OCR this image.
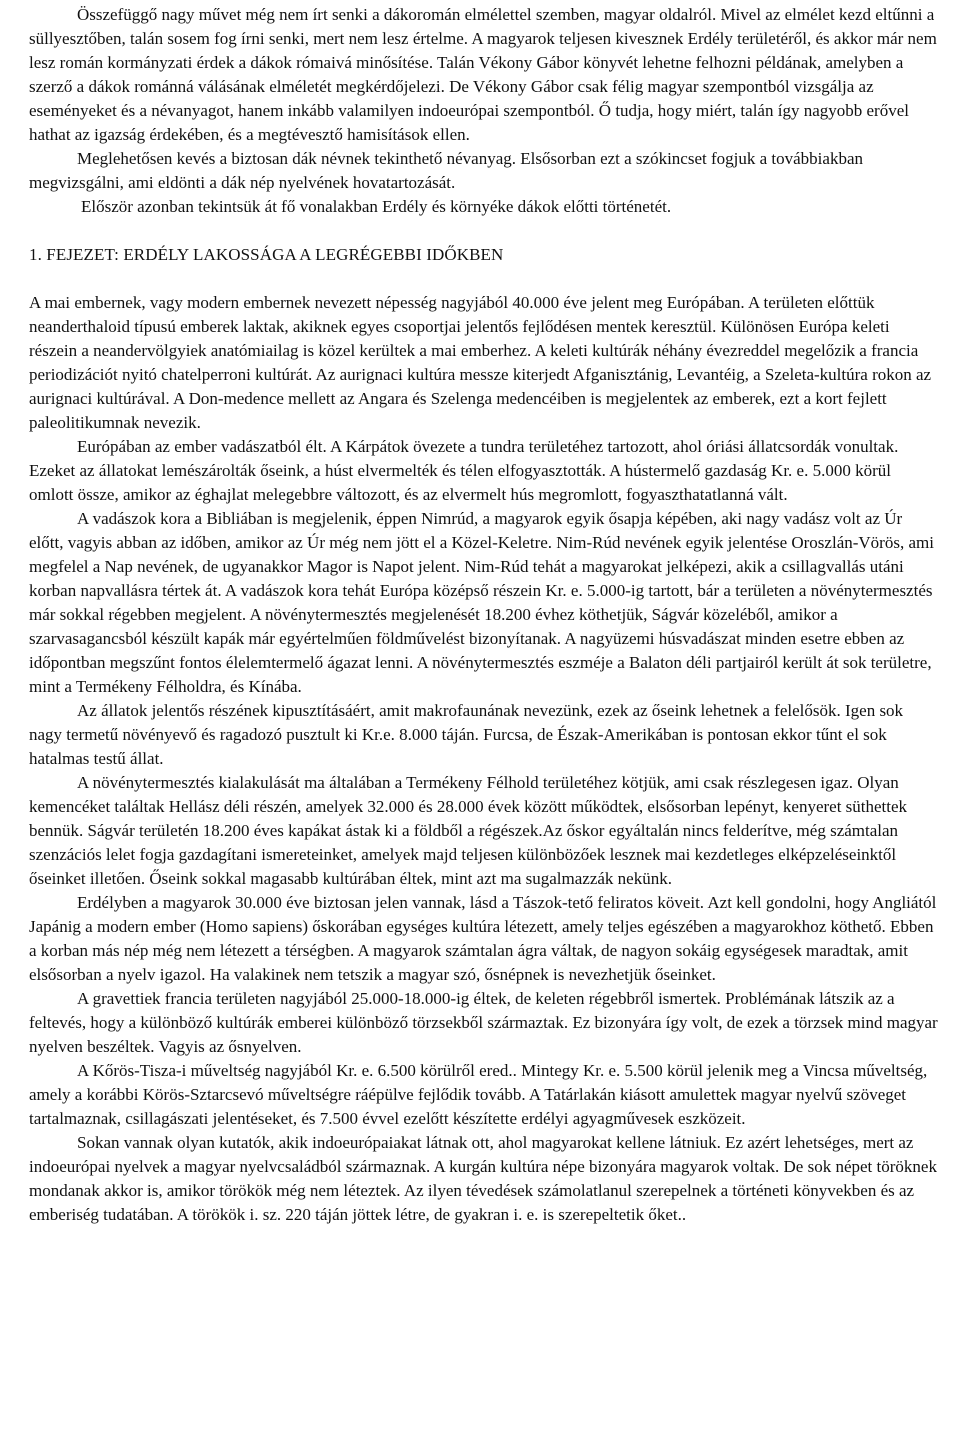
Összefüggő nagy művet még nem írt senki a dákoromán elmélettel szemben, magyar oldalról. Mivel az elmélet kezd eltűnni a süllyesztőben, talán sosem fog írni senki, mert nem lesz értelme. A magyarok teljesen kivesznek Erdély területéről, és akkor már nem lesz román kormányzati érdek a dákok rómaivá minősítése. Talán Vékony Gábor könyvét lehetne felhozni példának, amelyben a szerző a dákok románná válásának elméletét megkérdőjelezi. De Vékony Gábor csak félig magyar szempontból vizsgálja az eseményeket és a névanyagot, hanem inkább valamilyen indoeurópai szempontból. Ő tudja, hogy miért, talán így nagyobb erővel hathat az igazság érdekében, és a megtévesztő hamisítások ellen.

Meglehetősen kevés a biztosan dák névnek tekinthető névanyag. Elsősorban ezt a szókincset fogjuk a továbbiakban megvizsgálni, ami eldönti a dák nép nyelvének hovatartozását.

Először azonban tekintsük át fő vonalakban Erdély és környéke dákok előtti történetét.

1. FEJEZET: ERDÉLY LAKOSSÁGA A LEGRÉGEBBI IDŐKBEN

A mai embernek, vagy modern embernek nevezett népesség nagyjából 40.000 éve jelent meg Európában. A területen előttük neanderthaloid típusú emberek laktak, akiknek egyes csoportjai jelentős fejlődésen mentek keresztül. Különösen Európa keleti részein a neandervölgyiek anatómiailag is közel kerültek a mai emberhez. A keleti kultúrák néhány évezreddel megelőzik a francia periodizációt nyitó chatelperroni kultúrát. Az aurignaci kultúra messze kiterjedt Afganisztánig, Levantéig, a Szeleta-kultúra rokon az aurignaci kultúrával. A Don-medence mellett az Angara és Szelenga medencéiben is megjelentek az emberek, ezt a kort fejlett paleolitikumnak nevezik.

Európában az ember vadászatból élt. A Kárpátok övezete a tundra területéhez tartozott, ahol óriási állatcsordák vonultak. Ezeket az állatokat lemészárolták őseink, a húst elvermelték és télen elfogyasztották. A hústermelő gazdaság Kr. e. 5.000 körül omlott össze, amikor az éghajlat melegebbre változott, és az elvermelt hús megromlott, fogyaszthatatlanná vált.

A vadászok kora a Bibliában is megjelenik, éppen Nimrúd, a magyarok egyik ősapja képében, aki nagy vadász volt az Úr előtt, vagyis abban az időben, amikor az Úr még nem jött el a Közel-Keletre. Nim-Rúd nevének egyik jelentése Oroszlán-Vörös, ami megfelel a Nap nevének, de ugyanakkor Magor is Napot jelent. Nim-Rúd tehát a magyarokat jelképezi, akik a csillagvallás utáni korban napvallásra tértek át. A vadászok kora tehát Európa középső részein Kr. e. 5.000-ig tartott, bár a területen a növénytermesztés már sokkal régebben megjelent. A növénytermesztés megjelenését 18.200 évhez köthetjük, Ságvár közeléből, amikor a szarvasagancsból készült kapák már egyértelműen földművelést bizonyítanak. A nagyüzemi húsvadászat minden esetre ebben az időpontban megszűnt fontos élelemtermelő ágazat lenni. A növénytermesztés eszméje a Balaton déli partjairól került át sok területre, mint a Termékeny Félholdra, és Kínába.

Az állatok jelentős részének kipusztításáért, amit makrofaunának nevezünk, ezek az őseink lehetnek a felelősök. Igen sok nagy termetű növényevő és ragadozó pusztult ki Kr.e. 8.000 táján. Furcsa, de Észak-Amerikában is pontosan ekkor tűnt el sok hatalmas testű állat.

A növénytermesztés kialakulását ma általában a Termékeny Félhold területéhez kötjük, ami csak részlegesen igaz. Olyan kemencéket találtak Hellász déli részén, amelyek 32.000 és 28.000 évek között működtek, elsősorban lepényt, kenyeret süthettek bennük. Ságvár területén 18.200 éves kapákat ástak ki a földből a régészek.Az őskor egyáltalán nincs felderítve, még számtalan szenzációs lelet fogja gazdagítani ismereteinket, amelyek majd teljesen különbözőek lesznek mai kezdetleges elképzeléseinktől őseinket illetően. Őseink sokkal magasabb kultúrában éltek, mint azt ma sugalmazzák nekünk.

Erdélyben a magyarok 30.000 éve biztosan jelen vannak, lásd a Tászok-tető feliratos köveit. Azt kell gondolni, hogy Angliától Japánig a modern ember (Homo sapiens) őskorában egységes kultúra létezett, amely teljes egészében a magyarokhoz köthető. Ebben a korban más nép még nem létezett a térségben. A magyarok számtalan ágra váltak, de nagyon sokáig egységesek maradtak, amit elsősorban a nyelv igazol. Ha valakinek nem tetszik a magyar szó, ősnépnek is nevezhetjük őseinket.

A gravettiek francia területen nagyjából 25.000-18.000-ig éltek, de keleten régebbről ismertek. Problémának látszik az a feltevés, hogy a különböző kultúrák emberei különböző törzsekből származtak. Ez bizonyára így volt, de ezek a törzsek mind magyar nyelven beszéltek. Vagyis az ősnyelven.

A Kőrös-Tisza-i műveltség nagyjából Kr. e. 6.500 körülről ered.. Mintegy Kr. e. 5.500 körül jelenik meg a Vincsa műveltség, amely a korábbi Körös-Sztarcsevó műveltségre ráépülve fejlődik tovább. A Tatárlakán kiásott amulettek magyar nyelvű szöveget tartalmaznak, csillagászati jelentéseket, és 7.500 évvel ezelőtt készítette erdélyi agyagművesek eszközeit.

Sokan vannak olyan kutatók, akik indoeurópaiakat látnak ott, ahol magyarokat kellene látniuk. Ez azért lehetséges, mert az indoeurópai nyelvek a magyar nyelvcsaládból származnak. A kurgán kultúra népe bizonyára magyarok voltak. De sok népet töröknek mondanak akkor is, amikor törökök még nem léteztek. Az ilyen tévedések számolatlanul szerepelnek a történeti könyvekben és az emberiség tudatában. A törökök i. sz. 220 táján jöttek létre, de gyakran i. e. is szerepeltetik őket..
